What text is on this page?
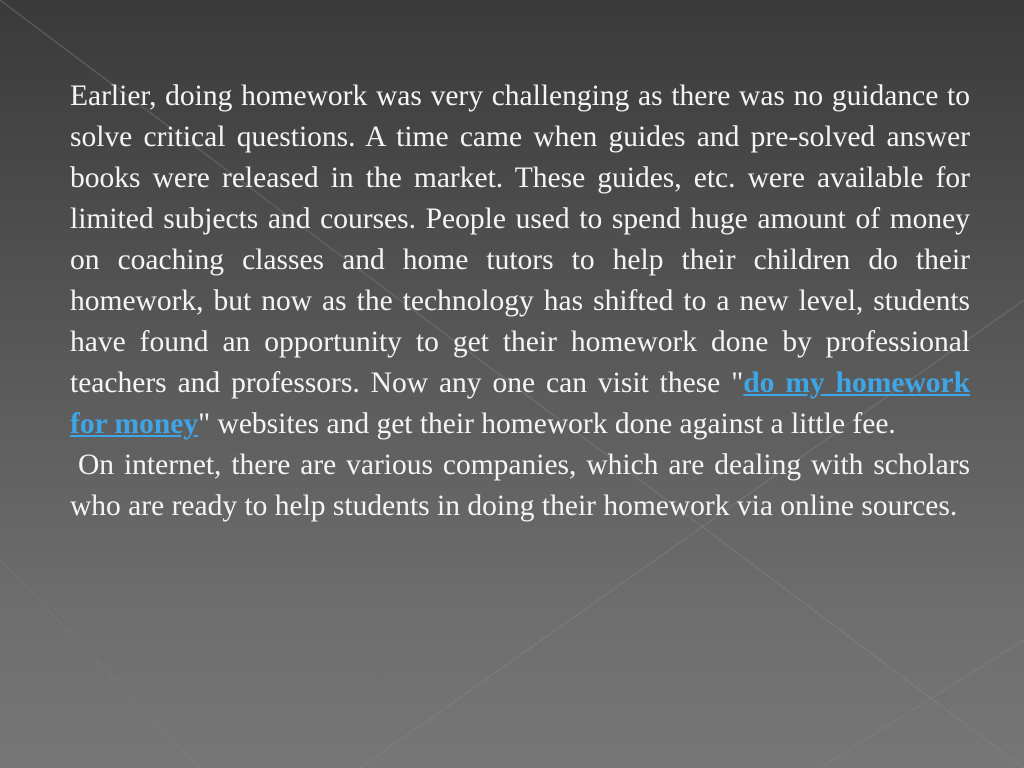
Earlier, doing homework was very challenging as there was no guidance to solve critical questions. A time came when guides and pre-solved answer books were released in the market. These guides, etc. were available for limited subjects and courses. People used to spend huge amount of money on coaching classes and home tutors to help their children do their homework, but now as the technology has shifted to a new level, students have found an opportunity to get their homework done by professional teachers and professors. Now any one can visit these "do my homework for money" websites and get their homework done against a little fee.

On internet, there are various companies, which are dealing with scholars who are ready to help students in doing their homework via online sources.
